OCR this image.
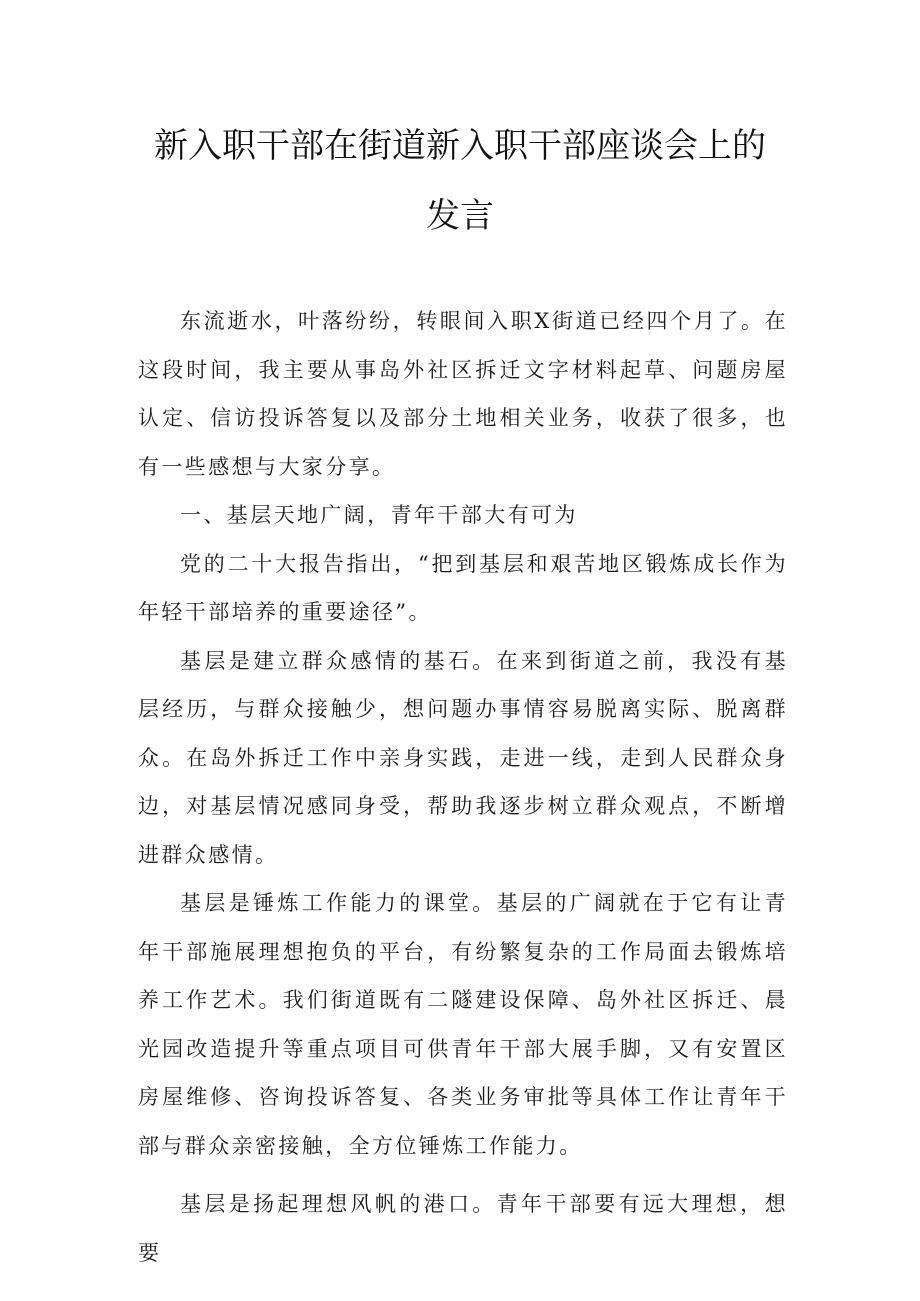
新入职干部在街道新入职干部座谈会上的
发言

东流逝水，叶落纷纷，转眼间入职X街道已经四个月了。在这段时间，我主要从事岛外社区拆迁文字材料起草、问题房屋认定、信访投诉答复以及部分土地相关业务，收获了很多，也有一些感想与大家分享。

一、基层天地广阔，青年干部大有可为

党的二十大报告指出，“把到基层和艰苦地区锻炼成长作为年轻干部培养的重要途径”。

基层是建立群众感情的基石。在来到街道之前，我没有基层经历，与群众接触少，想问题办事情容易脱离实际、脱离群众。在岛外拆迁工作中亲身实践，走进一线，走到人民群众身边，对基层情况感同身受，帮助我逐步树立群众观点，不断增进群众感情。

基层是锤炼工作能力的课堂。基层的广阔就在于它有让青年干部施展理想抱负的平台，有纷繁复杂的工作局面去锻炼培养工作艺术。我们街道既有二隧建设保障、岛外社区拆迁、晨光园改造提升等重点项目可供青年干部大展手脚，又有安置区房屋维修、咨询投诉答复、各类业务审批等具体工作让青年干部与群众亲密接触，全方位锤炼工作能力。

基层是扬起理想风帆的港口。青年干部要有远大理想，想要
